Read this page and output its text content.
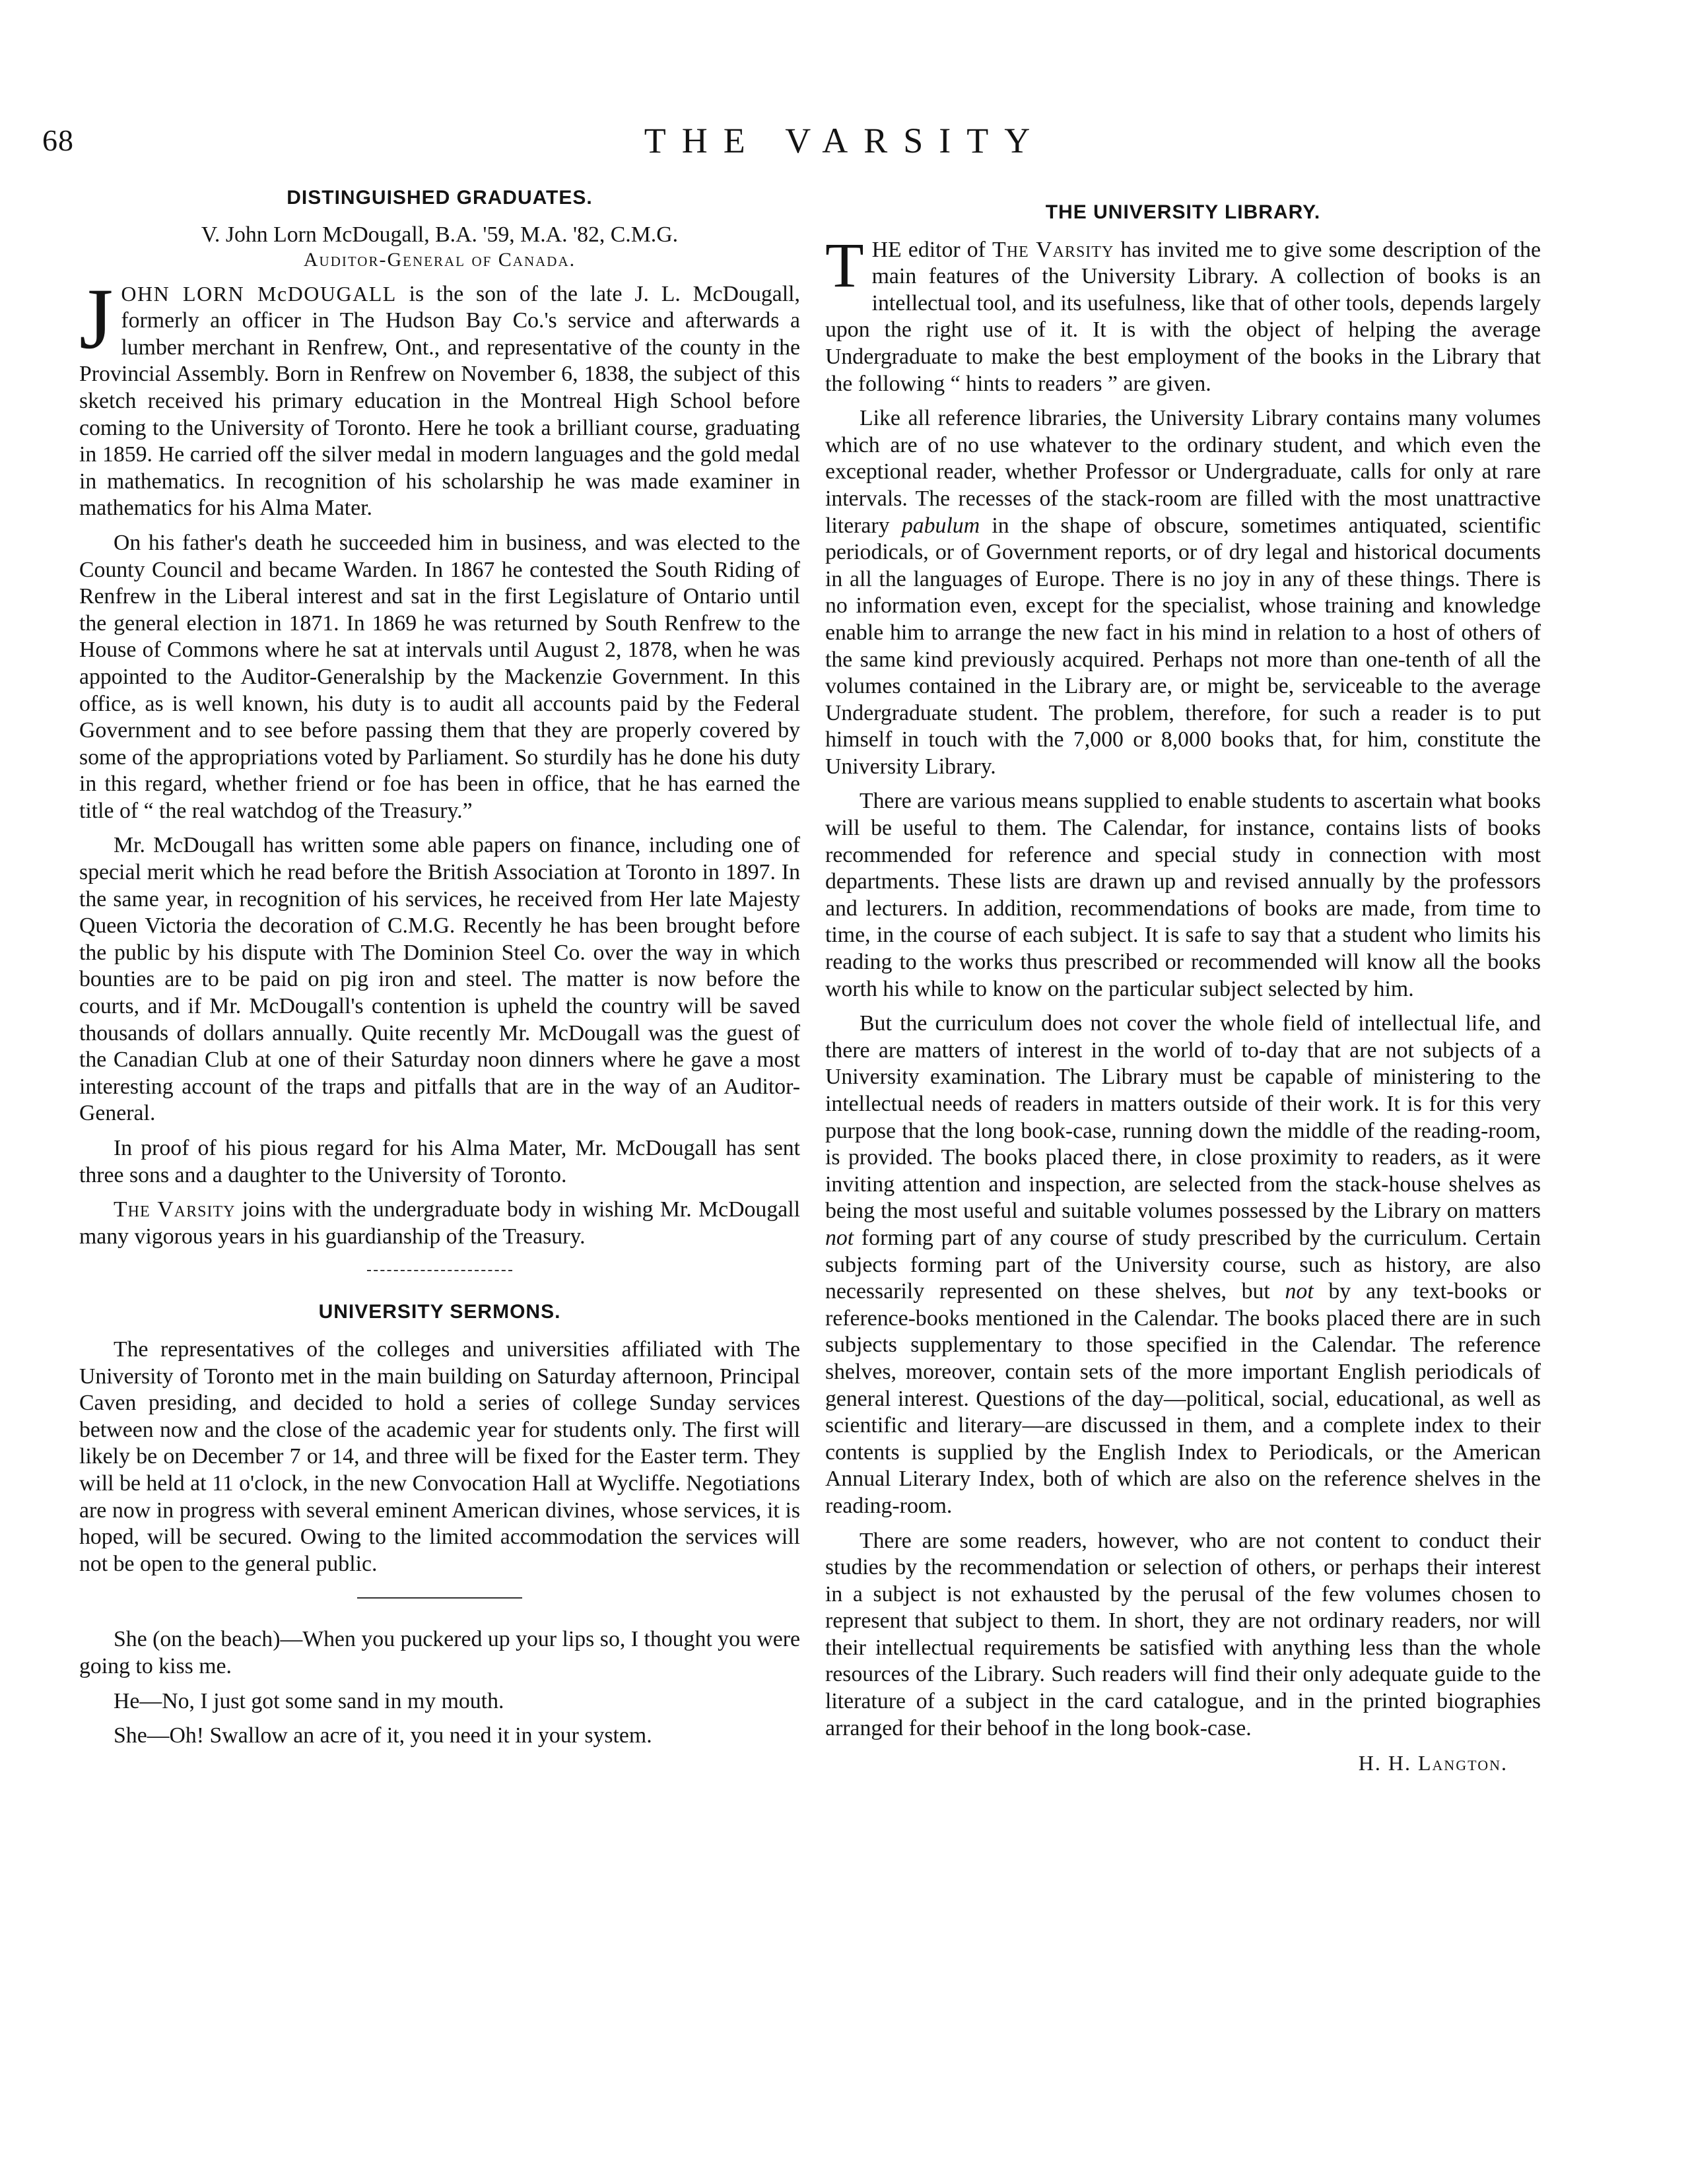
68	THE VARSITY
DISTINGUISHED GRADUATES.
V. John Lorn McDougall, B.A. '59, M.A. '82, C.M.G.
Auditor-General of Canada.

JOHN LORN McDOUGALL is the son of the late J. L. McDougall, formerly an officer in The Hudson Bay Co.'s service and afterwards a lumber merchant in Renfrew, Ont., and representative of the county in the Provincial Assembly. Born in Renfrew on November 6, 1838, the subject of this sketch received his primary education in the Montreal High School before coming to the University of Toronto. Here he took a brilliant course, graduating in 1859. He carried off the silver medal in modern languages and the gold medal in mathematics. In recognition of his scholarship he was made examiner in mathematics for his Alma Mater.

On his father's death he succeeded him in business, and was elected to the County Council and became Warden. In 1867 he contested the South Riding of Renfrew in the Liberal interest and sat in the first Legislature of Ontario until the general election in 1871. In 1869 he was returned by South Renfrew to the House of Commons where he sat at intervals until August 2, 1878, when he was appointed to the Auditor-Generalship by the Mackenzie Government. In this office, as is well known, his duty is to audit all accounts paid by the Federal Government and to see before passing them that they are properly covered by some of the appropriations voted by Parliament. So sturdily has he done his duty in this regard, whether friend or foe has been in office, that he has earned the title of “ the real watchdog of the Treasury.”

Mr. McDougall has written some able papers on finance, including one of special merit which he read before the British Association at Toronto in 1897. In the same year, in recognition of his services, he received from Her late Majesty Queen Victoria the decoration of C.M.G. Recently he has been brought before the public by his dispute with The Dominion Steel Co. over the way in which bounties are to be paid on pig iron and steel. The matter is now before the courts, and if Mr. McDougall's contention is upheld the country will be saved thousands of dollars annually. Quite recently Mr. McDougall was the guest of the Canadian Club at one of their Saturday noon dinners where he gave a most interesting account of the traps and pitfalls that are in the way of an Auditor-General.

In proof of his pious regard for his Alma Mater, Mr. McDougall has sent three sons and a daughter to the University of Toronto.

The Varsity joins with the undergraduate body in wishing Mr. McDougall many vigorous years in his guardianship of the Treasury.

UNIVERSITY SERMONS.

The representatives of the colleges and universities affiliated with The University of Toronto met in the main building on Saturday afternoon, Principal Caven presiding, and decided to hold a series of college Sunday services between now and the close of the academic year for students only. The first will likely be on December 7 or 14, and three will be fixed for the Easter term. They will be held at 11 o'clock, in the new Convocation Hall at Wycliffe. Negotiations are now in progress with several eminent American divines, whose services, it is hoped, will be secured. Owing to the limited accommodation the services will not be open to the general public.

She (on the beach)—When you puckered up your lips so, I thought you were going to kiss me.

He—No, I just got some sand in my mouth.

She—Oh! Swallow an acre of it, you need it in your system.

THE UNIVERSITY LIBRARY.

THE editor of The Varsity has invited me to give some description of the main features of the University Library. A collection of books is an intellectual tool, and its usefulness, like that of other tools, depends largely upon the right use of it. It is with the object of helping the average Undergraduate to make the best employment of the books in the Library that the following “ hints to readers ” are given.

Like all reference libraries, the University Library contains many volumes which are of no use whatever to the ordinary student, and which even the exceptional reader, whether Professor or Undergraduate, calls for only at rare intervals. The recesses of the stack-room are filled with the most unattractive literary pabulum in the shape of obscure, sometimes antiquated, scientific periodicals, or of Government reports, or of dry legal and historical documents in all the languages of Europe. There is no joy in any of these things. There is no information even, except for the specialist, whose training and knowledge enable him to arrange the new fact in his mind in relation to a host of others of the same kind previously acquired. Perhaps not more than one-tenth of all the volumes contained in the Library are, or might be, serviceable to the average Undergraduate student. The problem, therefore, for such a reader is to put himself in touch with the 7,000 or 8,000 books that, for him, constitute the University Library.

There are various means supplied to enable students to ascertain what books will be useful to them. The Calendar, for instance, contains lists of books recommended for reference and special study in connection with most departments. These lists are drawn up and revised annually by the professors and lecturers. In addition, recommendations of books are made, from time to time, in the course of each subject. It is safe to say that a student who limits his reading to the works thus prescribed or recommended will know all the books worth his while to know on the particular subject selected by him.

But the curriculum does not cover the whole field of intellectual life, and there are matters of interest in the world of to-day that are not subjects of a University examination. The Library must be capable of ministering to the intellectual needs of readers in matters outside of their work. It is for this very purpose that the long book-case, running down the middle of the reading-room, is provided. The books placed there, in close proximity to readers, as it were inviting attention and inspection, are selected from the stack-house shelves as being the most useful and suitable volumes possessed by the Library on matters not forming part of any course of study prescribed by the curriculum. Certain subjects forming part of the University course, such as history, are also necessarily represented on these shelves, but not by any text-books or reference-books mentioned in the Calendar. The books placed there are in such subjects supplementary to those specified in the Calendar. The reference shelves, moreover, contain sets of the more important English periodicals of general interest. Questions of the day—political, social, educational, as well as scientific and literary—are discussed in them, and a complete index to their contents is supplied by the English Index to Periodicals, or the American Annual Literary Index, both of which are also on the reference shelves in the reading-room.

There are some readers, however, who are not content to conduct their studies by the recommendation or selection of others, or perhaps their interest in a subject is not exhausted by the perusal of the few volumes chosen to represent that subject to them. In short, they are not ordinary readers, nor will their intellectual requirements be satisfied with anything less than the whole resources of the Library. Such readers will find their only adequate guide to the literature of a subject in the card catalogue, and in the printed biographies arranged for their behoof in the long book-case.

H. H. Langton.
